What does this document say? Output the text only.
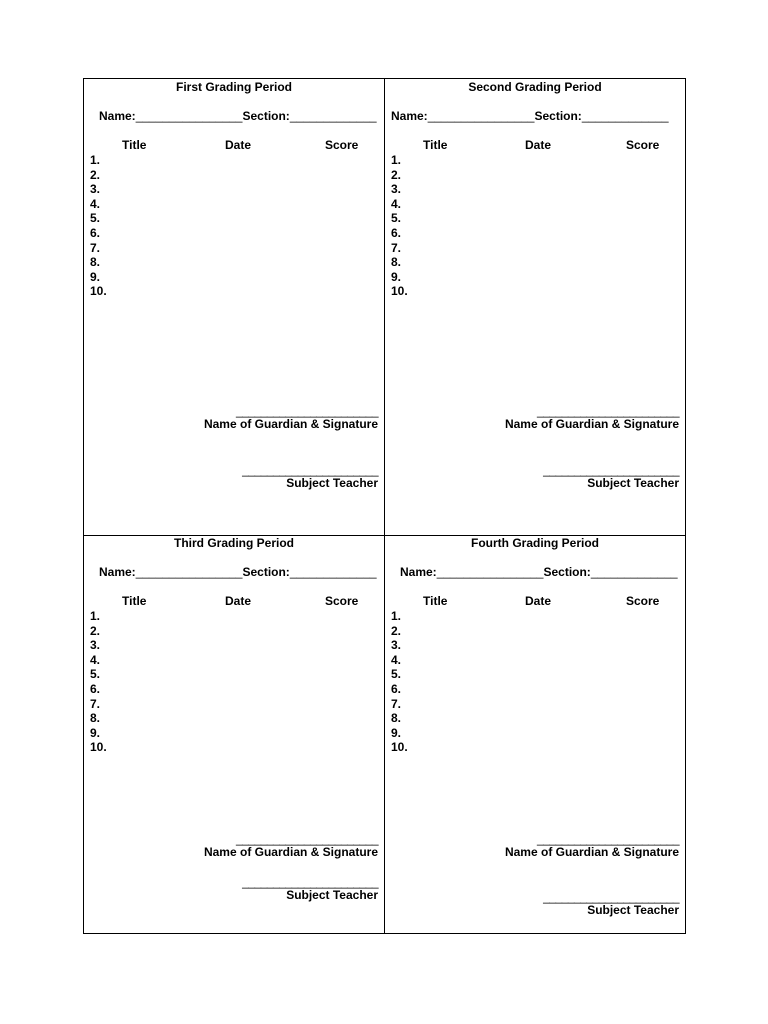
First Grading Period
Name:________________Section:_____________
Title	Date	Score
1.
2.
3.
4.
5.
6.
7.
8.
9.
10.
_______________________
Name of Guardian & Signature
______________________
Subject Teacher
Second Grading Period
Name:________________Section:_____________
Title	Date	Score
1.
2.
3.
4.
5.
6.
7.
8.
9.
10.
_______________________
Name of Guardian & Signature
______________________
Subject Teacher
Third Grading Period
Name:________________Section:_____________
Title	Date	Score
1.
2.
3.
4.
5.
6.
7.
8.
9.
10.
_______________________
Name of Guardian & Signature
______________________
Subject Teacher
Fourth Grading Period
Name:________________Section:_____________
Title	Date	Score
1.
2.
3.
4.
5.
6.
7.
8.
9.
10.
_______________________
Name of Guardian & Signature
______________________
Subject Teacher
